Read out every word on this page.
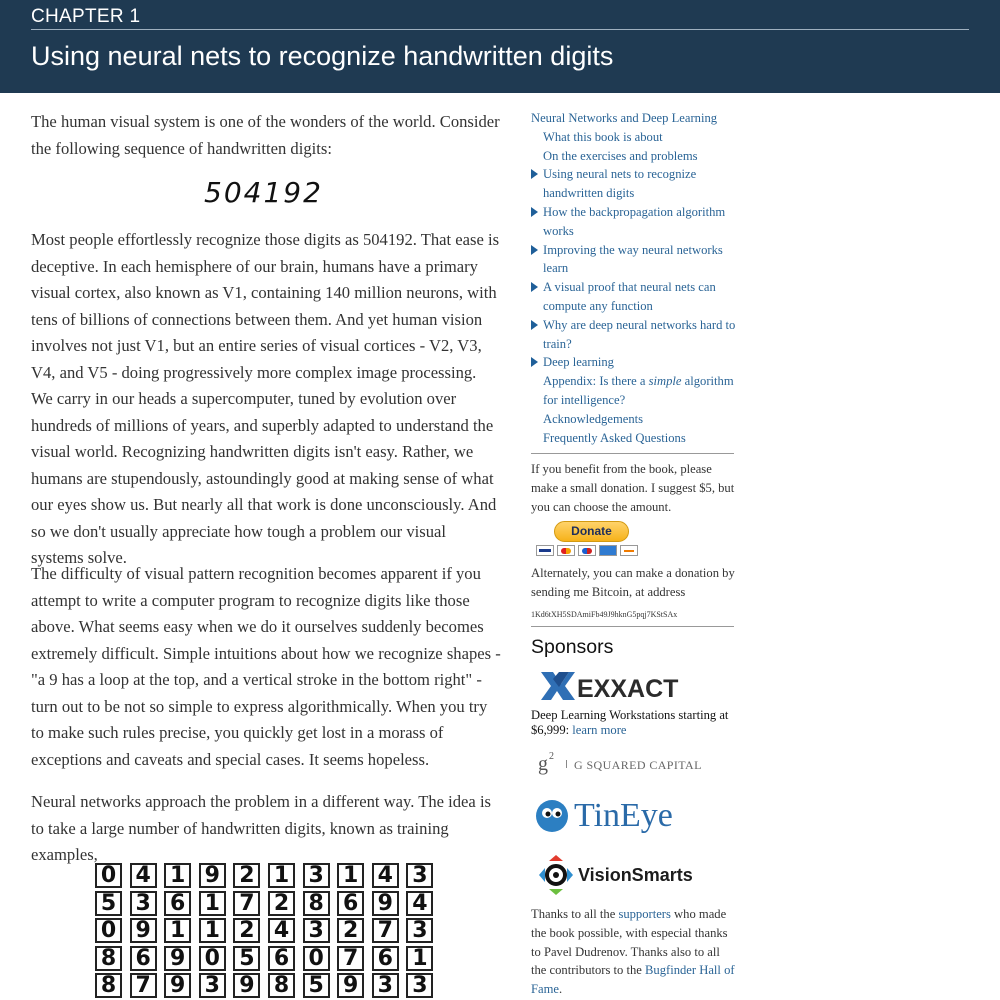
CHAPTER 1
Using neural nets to recognize handwritten digits

The human visual system is one of the wonders of the world. Consider the following sequence of handwritten digits:

Most people effortlessly recognize those digits as 504192. That ease is deceptive. In each hemisphere of our brain, humans have a primary visual cortex, also known as V1, containing 140 million neurons, with tens of billions of connections between them. And yet human vision involves not just V1, but an entire series of visual cortices - V2, V3, V4, and V5 - doing progressively more complex image processing. We carry in our heads a supercomputer, tuned by evolution over hundreds of millions of years, and superbly adapted to understand the visual world. Recognizing handwritten digits isn't easy. Rather, we humans are stupendously, astoundingly good at making sense of what our eyes show us. But nearly all that work is done unconsciously. And so we don't usually appreciate how tough a problem our visual systems solve.

The difficulty of visual pattern recognition becomes apparent if you attempt to write a computer program to recognize digits like those above. What seems easy when we do it ourselves suddenly becomes extremely difficult. Simple intuitions about how we recognize shapes - "a 9 has a loop at the top, and a vertical stroke in the bottom right" - turn out to be not so simple to express algorithmically. When you try to make such rules precise, you quickly get lost in a morass of exceptions and caveats and special cases. It seems hopeless.

Neural networks approach the problem in a different way. The idea is to take a large number of handwritten digits, known as training examples,

504192
0 4 1 9 2 1 3 1 4 3
5 3 6 1 7 2 8 6 9 4
0 9 1 1 2 4 3 2 7 3
8 6 9 0 5 6 0 7 6 1
8 7 9 3 9 8 5 9 3 3
Neural Networks and Deep Learning
What this book is about
On the exercises and problems
Using neural nets to recognize handwritten digits
How the backpropagation algorithm works
Improving the way neural networks learn
A visual proof that neural nets can compute any function
Why are deep neural networks hard to train?
Deep learning
Appendix: Is there a simple algorithm for intelligence?
Acknowledgements
Frequently Asked Questions
If you benefit from the book, please make a small donation. I suggest $5, but you can choose the amount.
Donate
Alternately, you can make a donation by sending me Bitcoin, at address
1Kd6tXH5SDAmiFb49J9hknG5pqj7KStSAx
Sponsors
EXXACT
Deep Learning Workstations starting at $6,999: learn more
g 2
G SQUARED CAPITAL
TinEye
VisionSmarts
Thanks to all the supporters who made the book possible, with especial thanks to Pavel Dudrenov. Thanks also to all the contributors to the Bugfinder Hall of Fame.
